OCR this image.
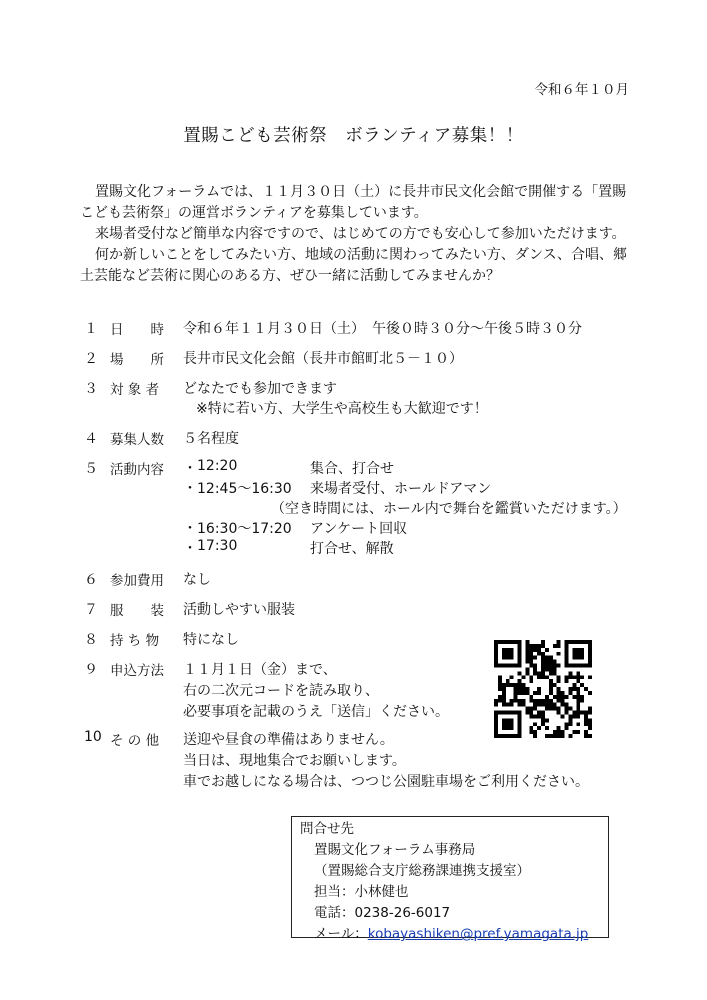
令和６年１０月
置賜こども芸術祭　ボランティア募集！！
置賜文化フォーラムでは、１１月３０日（土）に長井市民文化会館で開催する「置賜
こども芸術祭」の運営ボランティアを募集しています。
来場者受付など簡単な内容ですので、はじめての方でも安心して参加いただけます。
何か新しいことをしてみたい方、地域の活動に関わってみたい方、ダンス、合唱、郷
土芸能など芸術に関心のある方、ぜひ一緒に活動してみませんか？
１ 日　　時 令和６年１１月３０日（土）　午後０時３０分～午後５時３０分
２ 場　　所 長井市民文化会館（長井市館町北５－１０）
３ 対 象 者 どなたでも参加できます
※特に若い方、大学生や高校生も大歓迎です！
４ 募集人数 ５名程度
５ 活動内容 ・ 12:20	集合、打合せ
・ 12:45～16:30 来場者受付、ホールドアマン
（空き時間には、ホール内で舞台を鑑賞いただけます。）
・ 16:30～17:20 アンケート回収
・ 17:30	打合せ、解散
６ 参加費用 なし
７ 服　　装 活動しやすい服装
８ 持 ち 物 特になし
９ 申込方法 １１月１日（金）まで、
右の二次元コードを読み取り、
必要事項を記載のうえ「送信」ください。
10 そ の 他 送迎や昼食の準備はありません。
当日は、現地集合でお願いします。
車でお越しになる場合は、つつじ公園駐車場をご利用ください。
問合せ先
置賜文化フォーラム事務局
（置賜総合支庁総務課連携支援室）
担当：小林健也
電話：0238-26-6017
メール：kobayashiken@pref.yamagata.jp
